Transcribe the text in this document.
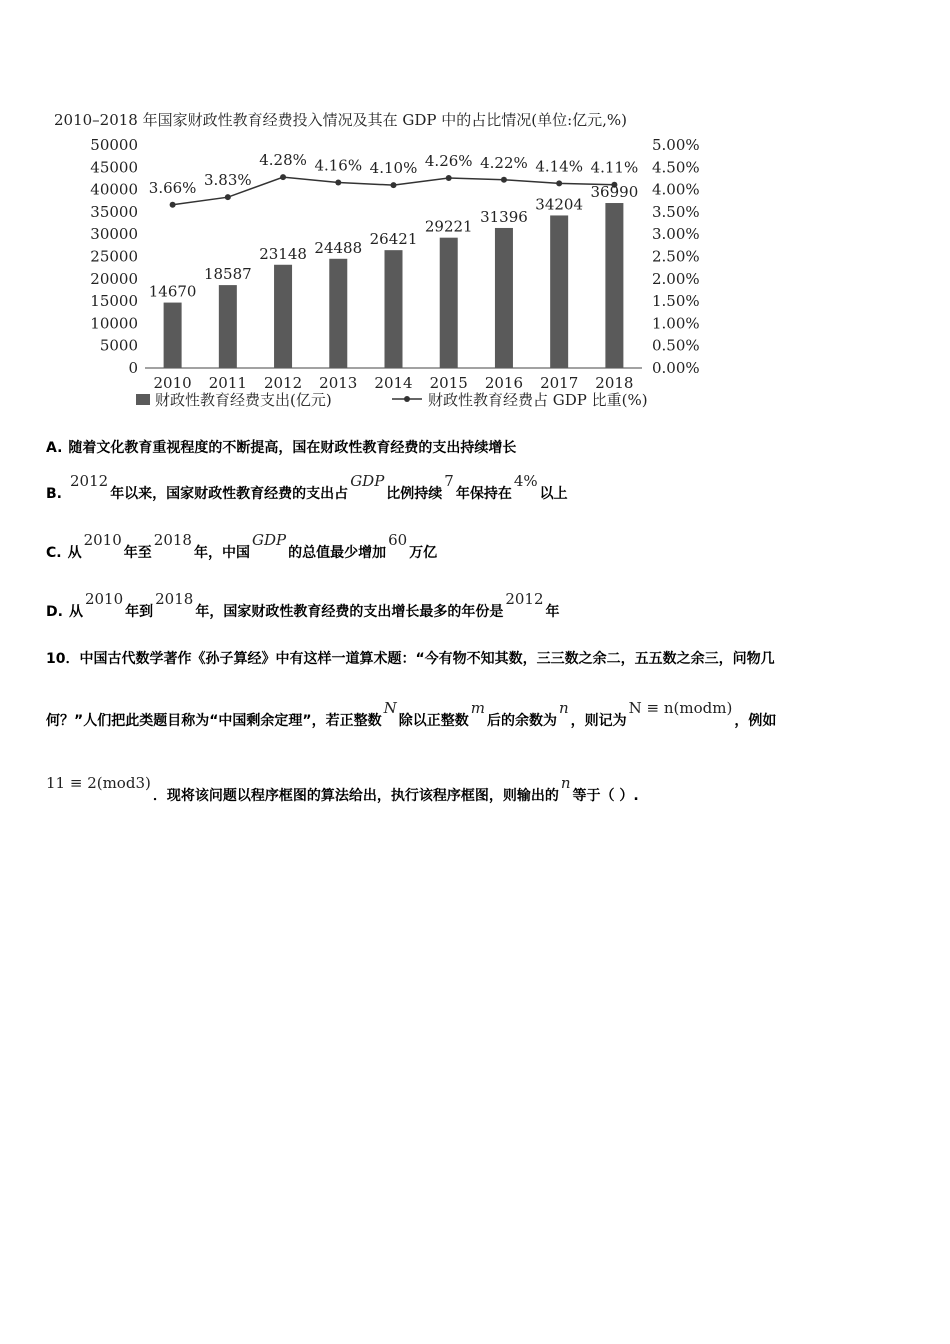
2010–2018 年国家财政性教育经费投入情况及其在 GDP 中的占比情况(单位:亿元,%)
0
5000
10000
15000
20000
25000
30000
35000
40000
45000
50000
0.00%
0.50%
1.00%
1.50%
2.00%
2.50%
3.00%
3.50%
4.00%
4.50%
5.00%
2010 2011 2012 2013 2014 2015 2016 2017 2018
14670
18587
23148 24488 26421
29221
31396
34204
36990
3.66% 3.83%
4.28% 4.16% 4.10% 4.26% 4.22% 4.14% 4.11%
财政性教育经费支出(亿元)	财政性教育经费占 GDP 比重(%)
A. 随着文化教育重视程度的不断提高，国在财政性教育经费的支出持续增长
B.2012年以来，国家财政性教育经费的支出占GDP比例持续7年保持在4%以上
C. 从2010年至2018年，中国GDP的总值最少增加60万亿
D. 从2010年到2018年，国家财政性教育经费的支出增长最多的年份是2012年
10．中国古代数学著作《孙子算经》中有这样一道算术题：“今有物不知其数，三三数之余二，五五数之余三，问物几
何？”人们把此类题目称为“中国剩余定理”，若正整数N除以正整数m后的余数为n，则记为N ≡ n(modm)，例如
11 ≡ 2(mod3)．现将该问题以程序框图的算法给出，执行该程序框图，则输出的n等于（ ）.
